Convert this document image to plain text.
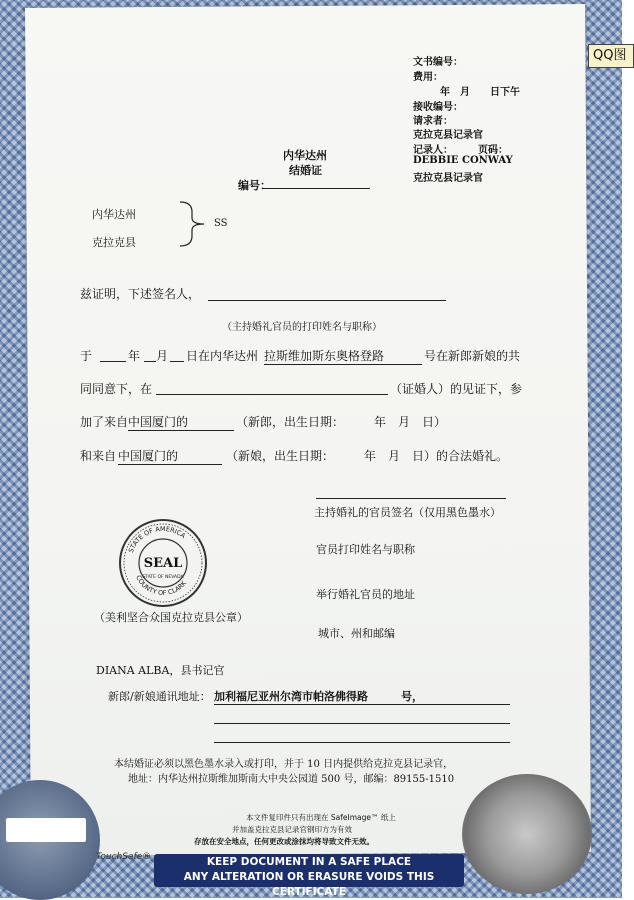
QQ图
文书编号：
费用：
年　月　　日下午
接收编号：
请求者：
克拉克县记录官
记录人：　　　页码：
DEBBIE CONWAY
克拉克县记录官
内华达州
结婚证
编号：
内华达州
克拉克县
SS
兹证明，下述签名人，
（主持婚礼官员的打印姓名与职称）
于	年 月 日在内华达州 拉斯维加斯东奥格登路	号在新郎新娘的共
同同意下，在	（证婚人）的见证下，参
加了来自 中国厦门的	（新郎，出生日期：　　　年　月　日）
和来自 中国厦门的	（新娘，出生日期：　　　年　月　日）的合法婚礼。
主持婚礼的官员签名（仅用黑色墨水）
官员打印姓名与职称
举行婚礼官员的地址
城市、州和邮编
STATE OF AMERICA
COUNTY OF CLARK
SEAL
STATE OF NEVADA
（美利坚合众国克拉克县公章）
DIANA ALBA，县书记官
新郎/新娘通讯地址： 加利福尼亚州尔湾市帕洛佛得路　　　号，
本结婚证必须以黑色墨水录入或打印，并于 10 日内提供给克拉克县记录官，
地址：内华达州拉斯维加斯南大中央公园道 500 号，邮编：89155-1510
本文件复印件只有出现在 SafeImage™ 纸上
并加盖克拉克县记录官钢印方为有效
存放在安全地点，任何更改或涂抹均将导致文件无效。
TouchSafe®	KEEP DOCUMENT IN A SAFE PLACE
ANY ALTERATION OR ERASURE VOIDS THIS CERTIFICATE
